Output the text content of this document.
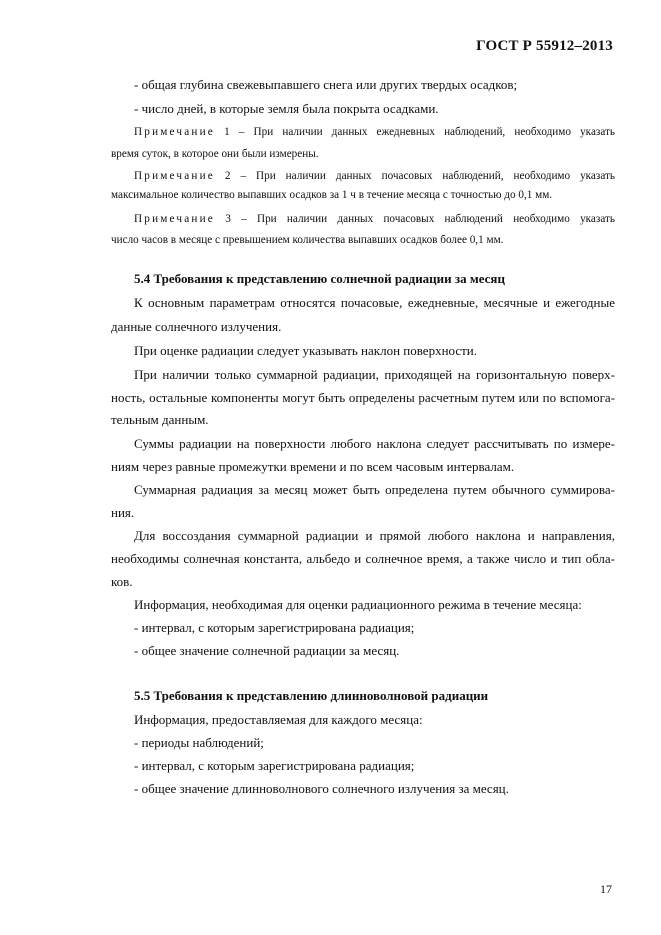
ГОСТ Р 55912–2013
- общая глубина свежевыпавшего снега или других твердых осадков;
- число дней, в которые земля была покрыта осадками.
Примечание 1 – При наличии данных ежедневных наблюдений, необходимо указать
время суток, в которое они были измерены.
Примечание 2 – При наличии данных почасовых наблюдений, необходимо указать
максимальное количество выпавших осадков за 1 ч в течение месяца с точностью до 0,1 мм.
Примечание 3 – При наличии данных почасовых наблюдений необходимо указать
число часов в месяце с превышением количества выпавших осадков более 0,1 мм.
5.4 Требования к представлению солнечной радиации за месяц
К основным параметрам относятся почасовые, ежедневные, месячные и ежегодные
данные солнечного излучения.
При оценке радиации следует указывать наклон поверхности.
При наличии только суммарной радиации, приходящей на горизонтальную поверх-
ность, остальные компоненты могут быть определены расчетным путем или по вспомога-
тельным данным.
Суммы радиации на поверхности любого наклона следует рассчитывать по измере-
ниям через равные промежутки времени и по всем часовым интервалам.
Суммарная радиация за месяц может быть определена путем обычного суммирова-
ния.
Для воссоздания суммарной радиации и прямой любого наклона и направления,
необходимы солнечная константа, альбедо и солнечное время, а также число и тип обла-
ков.
Информация, необходимая для оценки радиационного режима в течение месяца:
- интервал, с которым зарегистрирована радиация;
- общее значение солнечной радиации за месяц.
5.5 Требования к представлению длинноволновой радиации
Информация, предоставляемая для каждого месяца:
- периоды наблюдений;
- интервал, с которым зарегистрирована радиация;
- общее значение длинноволнового солнечного излучения за месяц.
17
